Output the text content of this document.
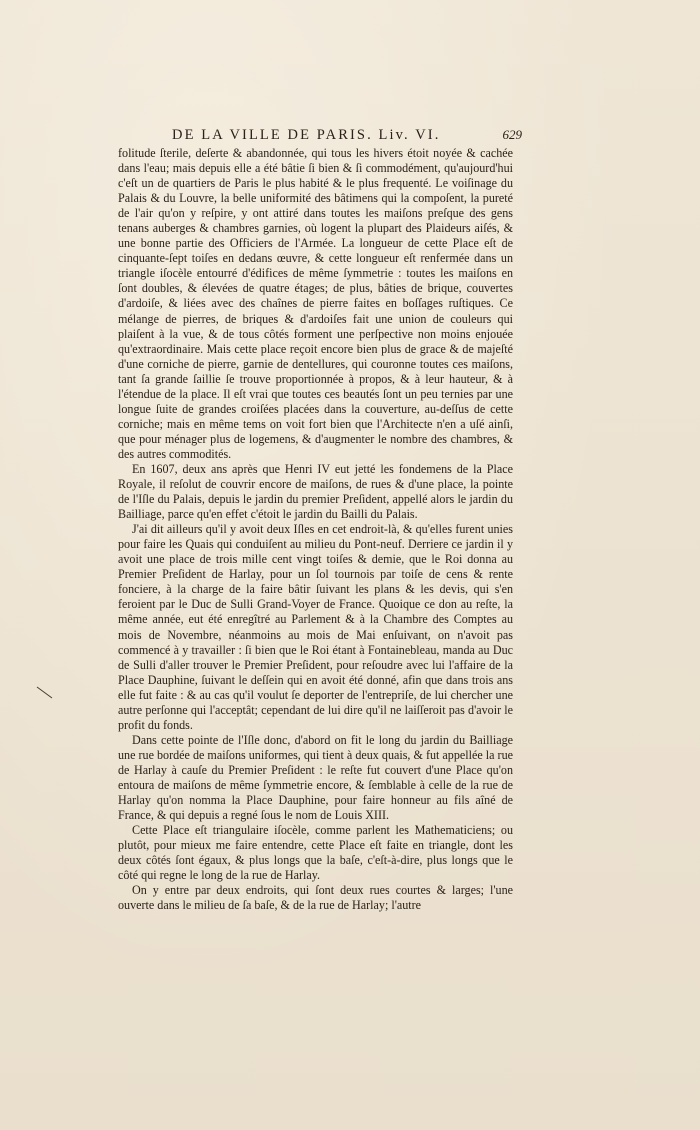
DE LA VILLE DE PARIS. Liv. VI.	629

folitude ſterile, deſerte & abandonnée, qui tous les hivers étoit noyée & cachée dans l'eau; mais depuis elle a été bâtie ſi bien & ſi commodément, qu'aujourd'hui c'eſt un de quartiers de Paris le plus habité & le plus frequenté. Le voiſinage du Palais & du Louvre, la belle uniformité des bâtimens qui la compoſent, la pureté de l'air qu'on y reſpire, y ont attiré dans toutes les maiſons preſque des gens tenans auberges & chambres garnies, où logent la plupart des Plaideurs aiſés, & une bonne partie des Officiers de l'Armée. La longueur de cette Place eſt de cinquante-ſept toiſes en dedans œuvre, & cette longueur eſt renfermée dans un triangle iſocèle entourré d'édifices de même ſymmetrie : toutes les maiſons en ſont doubles, & élevées de quatre étages; de plus, bâties de brique, couvertes d'ardoiſe, & liées avec des chaînes de pierre faites en boſſages ruſtiques. Ce mélange de pierres, de briques & d'ardoiſes fait une union de couleurs qui plaiſent à la vue, & de tous côtés forment une perſpective non moins enjouée qu'extraordinaire. Mais cette place reçoit encore bien plus de grace & de majeſté d'une corniche de pierre, garnie de dentellures, qui couronne toutes ces maiſons, tant ſa grande ſaillie ſe trouve proportionnée à propos, & à leur hauteur, & à l'étendue de la place. Il eſt vrai que toutes ces beautés ſont un peu ternies par une longue ſuite de grandes croiſées placées dans la couverture, au-deſſus de cette corniche; mais en même tems on voit fort bien que l'Architecte n'en a uſé ainſi, que pour ménager plus de logemens, & d'augmenter le nombre des chambres, & des autres commodités.

En 1607, deux ans après que Henri IV eut jetté les fondemens de la Place Royale, il reſolut de couvrir encore de maiſons, de rues & d'une place, la pointe de l'Iſle du Palais, depuis le jardin du premier Preſident, appellé alors le jardin du Bailliage, parce qu'en effet c'étoit le jardin du Bailli du Palais.

J'ai dit ailleurs qu'il y avoit deux Iſles en cet endroit-là, & qu'elles furent unies pour faire les Quais qui conduiſent au milieu du Pont-neuf. Derriere ce jardin il y avoit une place de trois mille cent vingt toiſes & demie, que le Roi donna au Premier Preſident de Harlay, pour un ſol tournois par toiſe de cens & rente fonciere, à la charge de la faire bâtir ſuivant les plans & les devis, qui s'en feroient par le Duc de Sulli Grand-Voyer de France. Quoique ce don au reſte, la même année, eut été enregîtré au Parlement & à la Chambre des Comptes au mois de Novembre, néanmoins au mois de Mai enſuivant, on n'avoit pas commencé à y travailler : ſi bien que le Roi étant à Fontainebleau, manda au Duc de Sulli d'aller trouver le Premier Preſident, pour reſoudre avec lui l'affaire de la Place Dauphine, ſuivant le deſſein qui en avoit été donné, afin que dans trois ans elle fut faite : & au cas qu'il voulut ſe deporter de l'entrepriſe, de lui chercher une autre perſonne qui l'acceptât; cependant de lui dire qu'il ne laiſſeroit pas d'avoir le profit du fonds.

Dans cette pointe de l'Iſle donc, d'abord on fit le long du jardin du Bailliage une rue bordée de maiſons uniformes, qui tient à deux quais, & fut appellée la rue de Harlay à cauſe du Premier Preſident : le reſte fut couvert d'une Place qu'on entoura de maiſons de même ſymmetrie encore, & ſemblable à celle de la rue de Harlay qu'on nomma la Place Dauphine, pour faire honneur au fils aîné de France, & qui depuis a regné ſous le nom de Louis XIII.

Cette Place eſt triangulaire iſocèle, comme parlent les Mathematiciens; ou plutôt, pour mieux me faire entendre, cette Place eſt faite en triangle, dont les deux côtés ſont égaux, & plus longs que la baſe, c'eſt-à-dire, plus longs que le côté qui regne le long de la rue de Harlay.

On y entre par deux endroits, qui ſont deux rues courtes & larges; l'une ouverte dans le milieu de ſa baſe, & de la rue de Harlay; l'autre
